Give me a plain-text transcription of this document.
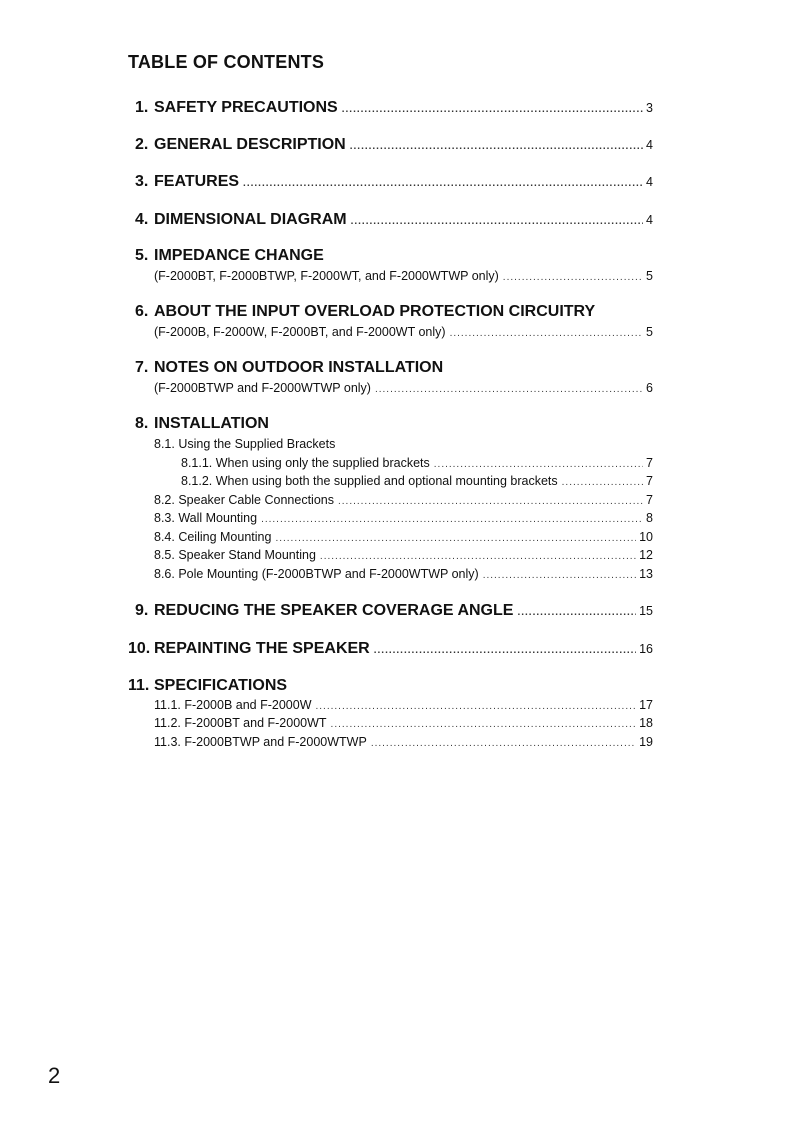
TABLE OF CONTENTS
1. SAFETY PRECAUTIONS .....	3
2. GENERAL DESCRIPTION .....	4
3. FEATURES .....	4
4. DIMENSIONAL DIAGRAM .....	4
5. IMPEDANCE CHANGE
(F-2000BT, F-2000BTWP, F-2000WT, and F-2000WTWP only) .....	5
6. ABOUT THE INPUT OVERLOAD PROTECTION CIRCUITRY
(F-2000B, F-2000W, F-2000BT, and F-2000WT only) .....	5
7. NOTES ON OUTDOOR INSTALLATION
(F-2000BTWP and F-2000WTWP only) .....	6
8. INSTALLATION
8.1. Using the Supplied Brackets
8.1.1. When using only the supplied brackets .....	7
8.1.2. When using both the supplied and optional mounting brackets .....	7
8.2. Speaker Cable Connections .....	7
8.3. Wall Mounting .....	8
8.4. Ceiling Mounting .....	10
8.5. Speaker Stand Mounting .....	12
8.6. Pole Mounting (F-2000BTWP and F-2000WTWP only) .....	13
9. REDUCING THE SPEAKER COVERAGE ANGLE .....	15
10. REPAINTING THE SPEAKER .....	16
11. SPECIFICATIONS
11.1. F-2000B and F-2000W .....	17
11.2. F-2000BT and F-2000WT .....	18
11.3. F-2000BTWP and F-2000WTWP .....	19
2
